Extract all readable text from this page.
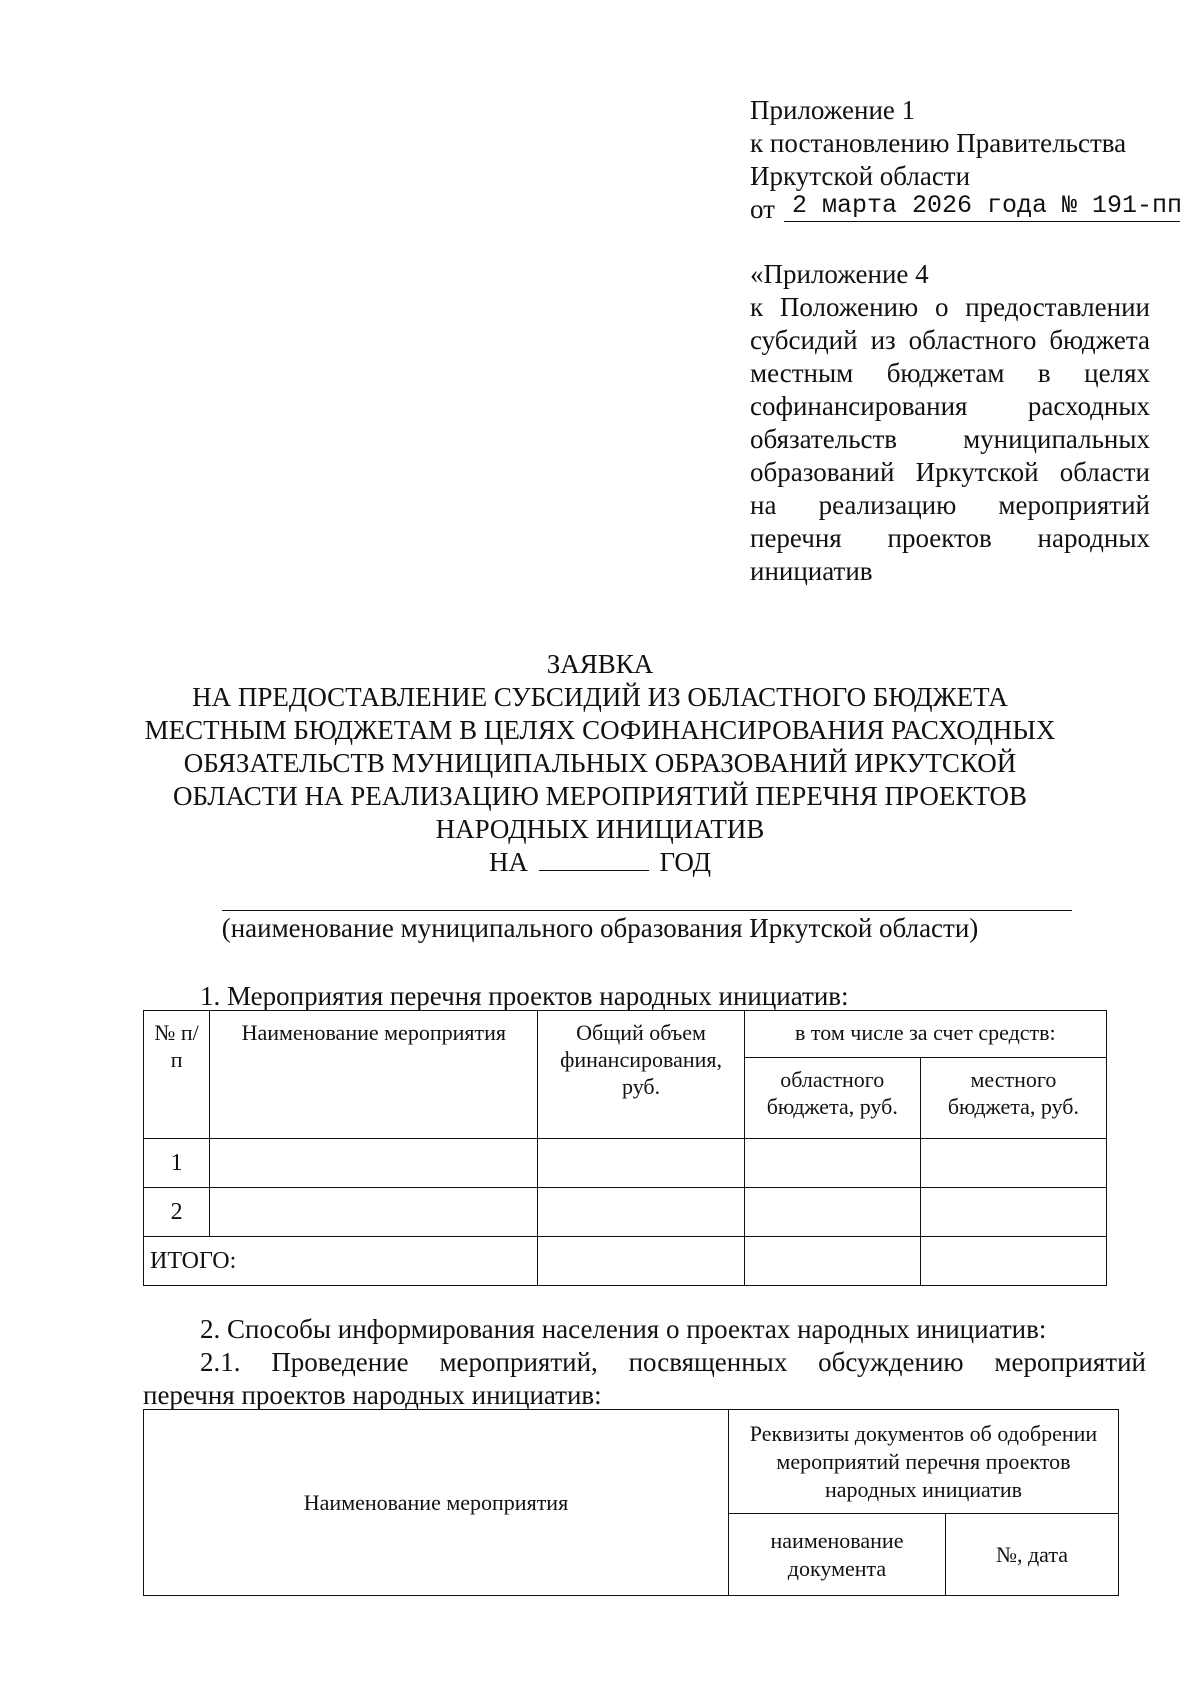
Приложение 1
к постановлению Правительства
Иркутской области
от 2 марта 2026 года № 191-пп
«Приложение 4
к Положению о предоставлении
субсидий из областного бюджета
местным бюджетам в целях
софинансирования расходных
обязательств муниципальных
образований Иркутской области
на реализацию мероприятий
перечня проектов народных
инициатив
ЗАЯВКА
НА ПРЕДОСТАВЛЕНИЕ СУБСИДИЙ ИЗ ОБЛАСТНОГО БЮДЖЕТА
МЕСТНЫМ БЮДЖЕТАМ В ЦЕЛЯХ СОФИНАНСИРОВАНИЯ РАСХОДНЫХ
ОБЯЗАТЕЛЬСТВ МУНИЦИПАЛЬНЫХ ОБРАЗОВАНИЙ ИРКУТСКОЙ
ОБЛАСТИ НА РЕАЛИЗАЦИЮ МЕРОПРИЯТИЙ ПЕРЕЧНЯ ПРОЕКТОВ
НАРОДНЫХ ИНИЦИАТИВ
НА	ГОД
(наименование муниципального образования Иркутской области)
1. Мероприятия перечня проектов народных инициатив:
№ п/п	Наименование мероприятия	Общий объем финансирования, руб.	в том числе за счет средств:	
			областного бюджета, руб.	местного бюджета, руб.
1				
2				
ИТОГО:				
2. Способы информирования населения о проектах народных инициатив:
2.1. Проведение мероприятий, посвященных обсуждению мероприятий
перечня проектов народных инициатив:
Наименование мероприятия	Реквизиты документов об одобрении мероприятий перечня проектов народных инициатив	
	наименование документа	№, дата
